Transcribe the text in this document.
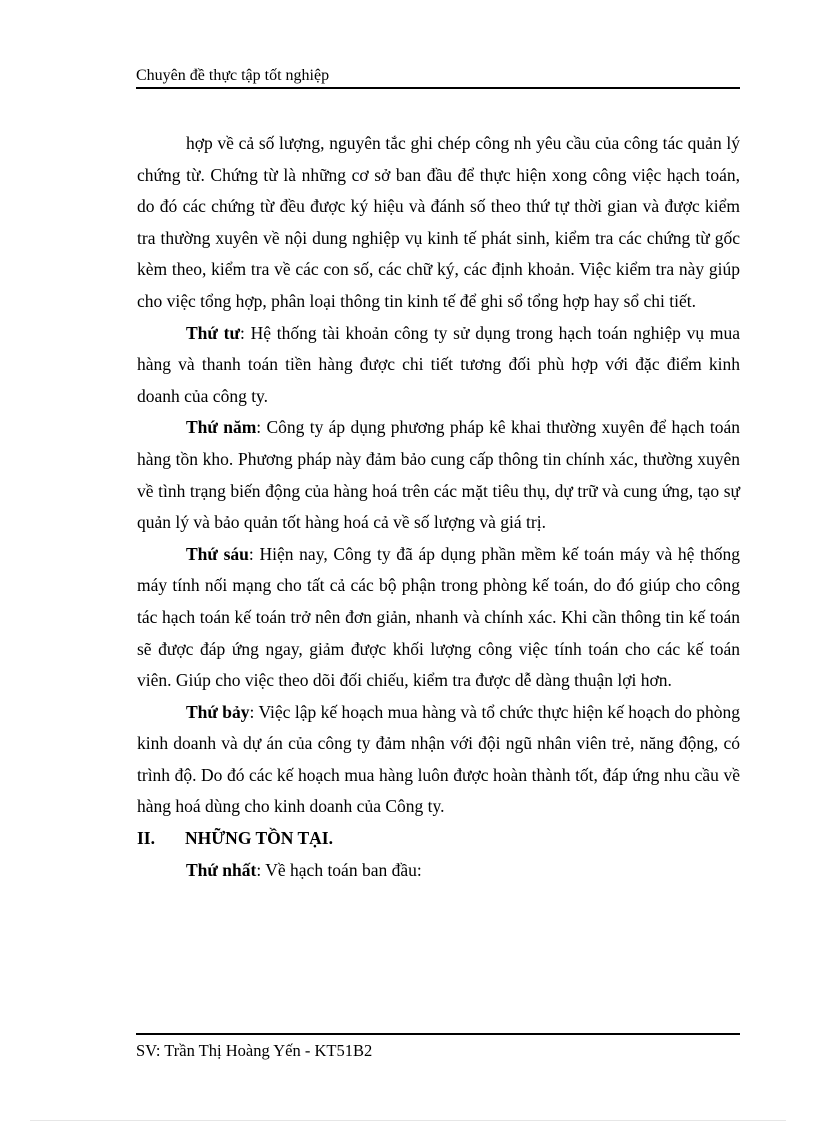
Chuyên đề thực tập tốt nghiệp

hợp về cả số lượng, nguyên tắc ghi chép công nh yêu cầu của công tác quản lý chứng từ. Chứng từ là những cơ sở ban đầu để thực hiện xong công việc hạch toán, do đó các chứng từ đều được ký hiệu và đánh số theo thứ tự thời gian và được kiểm tra thường xuyên về nội dung nghiệp vụ kinh tế phát sinh, kiểm tra các chứng từ gốc kèm theo, kiểm tra về các con số, các chữ ký, các định khoản. Việc kiểm tra này giúp cho việc tổng hợp, phân loại thông tin kinh tế để ghi sổ tổng hợp hay sổ chi tiết.

Thứ tư: Hệ thống tài khoản công ty sử dụng trong hạch toán nghiệp vụ mua hàng và thanh toán tiền hàng được chi tiết tương đối phù hợp với đặc điểm kinh doanh của công ty.

Thứ năm: Công ty áp dụng phương pháp kê khai thường xuyên để hạch toán hàng tồn kho. Phương pháp này đảm bảo cung cấp thông tin chính xác, thường xuyên về tình trạng biến động của hàng hoá trên các mặt tiêu thụ, dự trữ và cung ứng, tạo sự quản lý và bảo quản tốt hàng hoá cả về số lượng và giá trị.

Thứ sáu: Hiện nay, Công ty đã áp dụng phần mềm kế toán máy và hệ thống máy tính nối mạng cho tất cả các bộ phận trong phòng kế toán, do đó giúp cho công tác hạch toán kế toán trở nên đơn giản, nhanh và chính xác. Khi cần thông tin kế toán sẽ được đáp ứng ngay, giảm được khối lượng công việc tính toán cho các kế toán viên. Giúp cho việc theo dõi đối chiếu, kiểm tra được dễ dàng thuận lợi hơn.

Thứ bảy: Việc lập kế hoạch mua hàng và tổ chức thực hiện kế hoạch do phòng kinh doanh và dự án của công ty đảm nhận với đội ngũ nhân viên trẻ, năng động, có trình độ. Do đó các kế hoạch mua hàng luôn được hoàn thành tốt, đáp ứng nhu cầu về hàng hoá dùng cho kinh doanh của Công ty.

II. NHỮNG TỒN TẠI.

Thứ nhất: Về hạch toán ban đầu:

SV: Trần Thị Hoàng Yến - KT51B2
